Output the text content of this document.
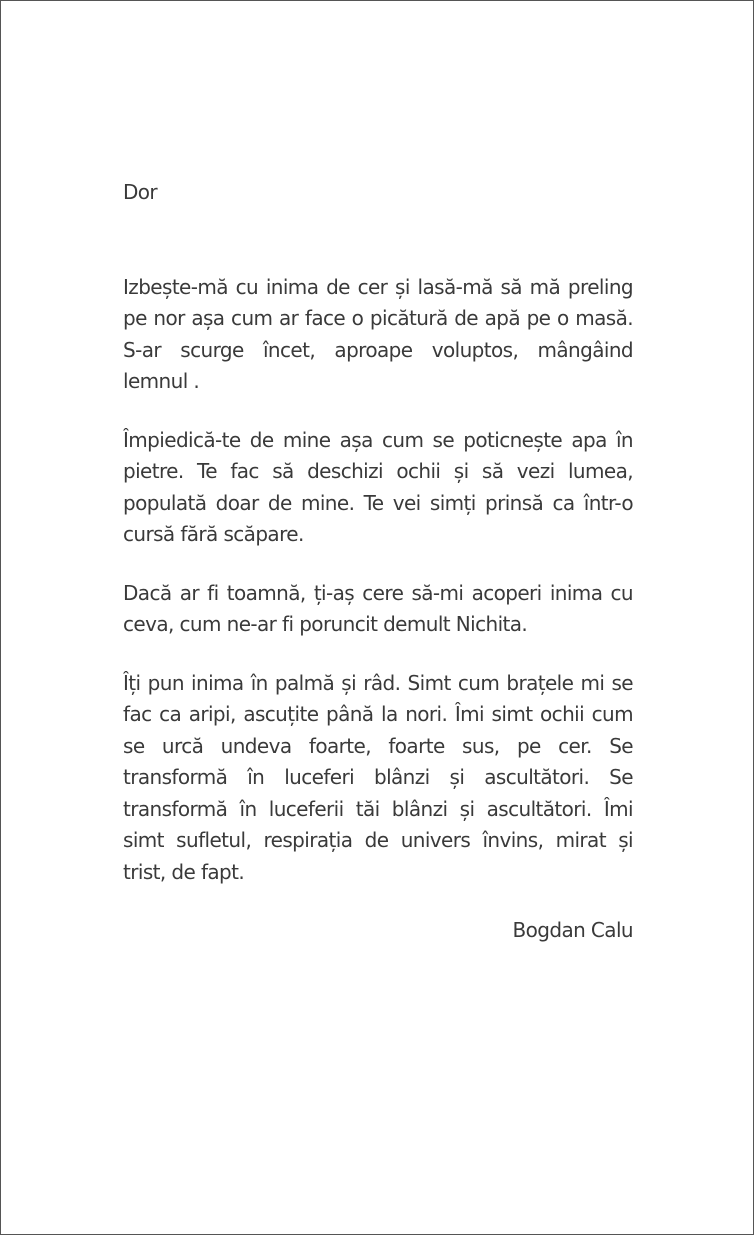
Dor

Izbește-mă cu inima de cer și lasă-mă să mă preling pe nor așa cum ar face o picătură de apă pe o masă. S-ar scurge încet, aproape voluptos, mângâind lemnul .

Împiedică-te de mine așa cum se poticnește apa în pietre. Te fac să deschizi ochii și să vezi lumea, populată doar de mine. Te vei simți prinsă ca într-o cursă fără scăpare.

Dacă ar fi toamnă, ți-aș cere să-mi acoperi inima cu ceva, cum ne-ar fi poruncit demult Nichita.

Îți pun inima în palmă și râd. Simt cum brațele mi se fac ca aripi, ascuțite până la nori. Îmi simt ochii cum se urcă undeva foarte, foarte sus, pe cer. Se transformă în luceferi blânzi și ascultători. Se transformă în luceferii tăi blânzi și ascultători. Îmi simt sufletul, respirația de univers învins, mirat și trist, de fapt.

Bogdan Calu
